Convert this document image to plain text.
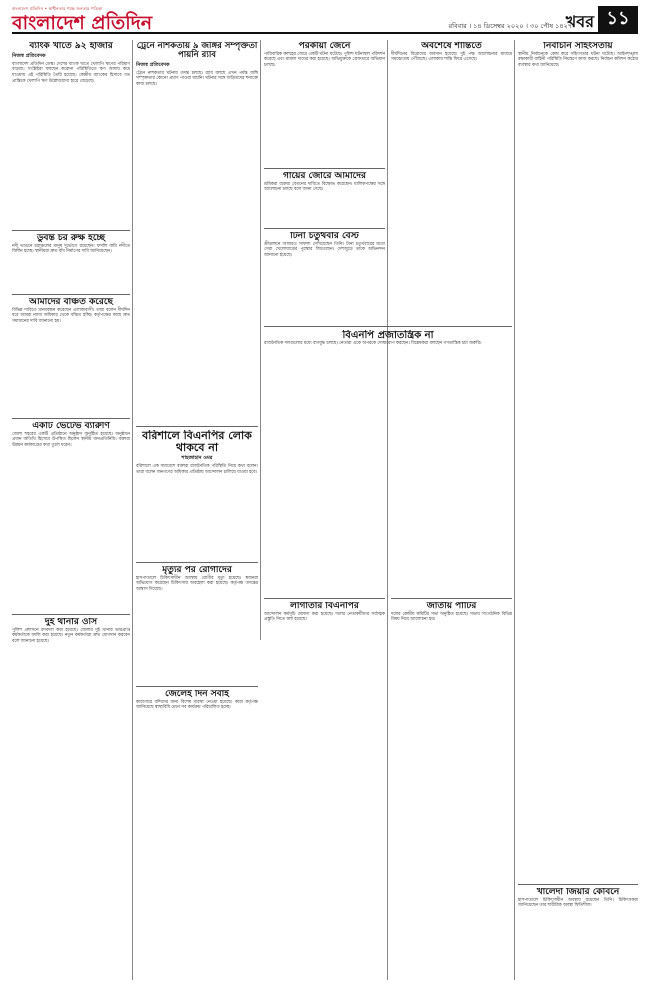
বাংলাদেশ প্রতিদিন • স্বাধীনতার পক্ষে জনতার পত্রিকা
বাংলাদেশ প্রতিদিন	রবিবার । ১৪ ডিসেম্বর ২০২০ । ৩০ পৌষ ১৪২৭
খবর ১১
ব্যাংক খাতে ৯২ হাজার
নিজস্ব প্রতিবেদক

বাংলাদেশ প্রতিদিন ডেস্ক। দেশের ব্যাংক খাতে খেলাপি ঋণের পরিমাণ বাড়ছে। সংশ্লিষ্টরা বলছেন করোনা পরিস্থিতিতে ঋণ আদায় কমে যাওয়ায় এই পরিস্থিতি তৈরি হয়েছে। কেন্দ্রীয় ব্যাংকের হিসাবে গত প্রান্তিকে খেলাপি ঋণ উল্লেখযোগ্য হারে বেড়েছে।

ডুবন্ত চর রুক্ষ হচ্ছে

নদী ভাঙনে চরাঞ্চলের মানুষ দুর্ভোগে রয়েছেন। ফসলি জমি নদীতে বিলীন হচ্ছে। স্থানীয়রা দ্রুত বাঁধ নির্মাণের দাবি জানিয়েছেন।

আমাদের বঞ্চিত করেছে

বিভিন্ন দাবিতে মানববন্ধন করেছেন এলাকাবাসী। তারা বলেন দীর্ঘদিন ধরে আমরা ন্যায্য অধিকার থেকে বঞ্চিত হচ্ছি। কর্তৃপক্ষের কাছে দ্রুত সমাধানের দাবি জানানো হয়।

একটি ভেটেভ ব্যারুণি

জেলা শহরের একটি প্রতিষ্ঠানে অনুষ্ঠান অনুষ্ঠিত হয়েছে। অনুষ্ঠানে প্রধান অতিথি হিসেবে উপস্থিত ছিলেন স্থানীয় জনপ্রতিনিধি। বক্তারা উন্নয়ন কর্মকাণ্ডের কথা তুলে ধরেন।

দুই থানার ওসি

পুলিশ প্রশাসনে রদবদল করা হয়েছে। জেলার দুই থানার ভারপ্রাপ্ত কর্মকর্তাকে বদলি করা হয়েছে। নতুন কর্মকর্তারা দ্রুত যোগদান করবেন বলে জানানো হয়েছে।

ট্রেনে নাশকতায় ৯ জঙ্গির সম্পৃক্ততা পায়নি র‌্যাব
নিজস্ব প্রতিবেদক

ট্রেনে নাশকতার ঘটনায় তদন্ত চলছে। র‌্যাব বলছে এখন পর্যন্ত জঙ্গি সম্পৃক্ততার কোনো প্রমাণ পাওয়া যায়নি। ঘটনার সঙ্গে জড়িতদের শনাক্তে কাজ চলছে।

বরিশালে বিএনপির লোক থাকবে না
শাহজাহান ওমর

বরিশালে এক সমাবেশে বক্তারা রাজনৈতিক পরিস্থিতি নিয়ে কথা বলেন। তারা বলেন জনগণের অধিকার প্রতিষ্ঠায় আন্দোলন চালিয়ে যাওয়া হবে।

মৃত্যুর পর রোগীদের

হাসপাতালে চিকিৎসাধীন অবস্থায় রোগীর মৃত্যু হয়েছে। স্বজনরা অভিযোগ করেছেন চিকিৎসায় অবহেলা করা হয়েছে। কর্তৃপক্ষ তদন্তের আশ্বাস দিয়েছে।

জেলেই দিন সবাই

কারাগারে বন্দিদের জন্য বিশেষ ব্যবস্থা নেওয়া হয়েছে। কারা কর্তৃপক্ষ জানিয়েছে স্বাস্থ্যবিধি মেনে সব কার্যক্রম পরিচালিত হচ্ছে।

পরকীয়া জেনে

পারিবারিক কলহের জেরে একটি ঘটনা ঘটেছে। পুলিশ ঘটনাস্থল পরিদর্শন করেছে এবং মামলা দায়ের করা হয়েছে। অভিযুক্তকে গ্রেফতারে অভিযান চলছে।

গায়ের জোরে আমাদের

শ্রমিকরা বকেয়া বেতনের দাবিতে বিক্ষোভ করেছেন। মালিকপক্ষের সঙ্গে আলোচনা চলছে বলে জানা গেছে।

টিনা চতুর্থবার বেস্ট

ক্রীড়াঙ্গনে আবারও সাফল্য দেখিয়েছেন তিনি। টানা চতুর্থবারের মতো সেরা খেলোয়াড়ের পুরস্কার জিতেছেন। দেশজুড়ে তাকে অভিনন্দন জানানো হয়েছে।

বিএনপি প্রজাতন্ত্রিক না

রাজনৈতিক দলগুলোর মধ্যে বাগযুদ্ধ চলছে। নেতারা একে অপরকে দোষারোপ করছেন। বিশ্লেষকরা বলছেন গণতান্ত্রিক চর্চা জরুরি।

লাগাতার বিএনপির

আন্দোলন কর্মসূচি ঘোষণা করা হয়েছে। দলের নেতাকর্মীদের সর্বাত্মক প্রস্তুতি নিতে বলা হয়েছে।

অবশেষে শান্তিতে

দীর্ঘদিনের বিরোধের অবসান হয়েছে। দুই পক্ষ আলোচনার মাধ্যমে সমঝোতায় পৌঁছেছে। এলাকায় শান্তি ফিরে এসেছে।

জাতীয় পার্টির

দলের কেন্দ্রীয় কমিটির সভা অনুষ্ঠিত হয়েছে। সভায় সাংগঠনিক বিভিন্ন বিষয় নিয়ে আলোচনা হয়।

নির্বাচনি সহিংসতায়

স্থানীয় নির্বাচনকে কেন্দ্র করে সহিংসতার ঘটনা ঘটেছে। আইনশৃঙ্খলা রক্ষাকারী বাহিনী পরিস্থিতি নিয়ন্ত্রণে কাজ করছে। নির্বাচন কমিশন কঠোর ব্যবস্থার কথা জানিয়েছে।

খালেদা জিয়ার কেবিনে

হাসপাতালে চিকিৎসাধীন অবস্থায় রয়েছেন তিনি। চিকিৎসকরা জানিয়েছেন তার শারীরিক অবস্থা স্থিতিশীল।
